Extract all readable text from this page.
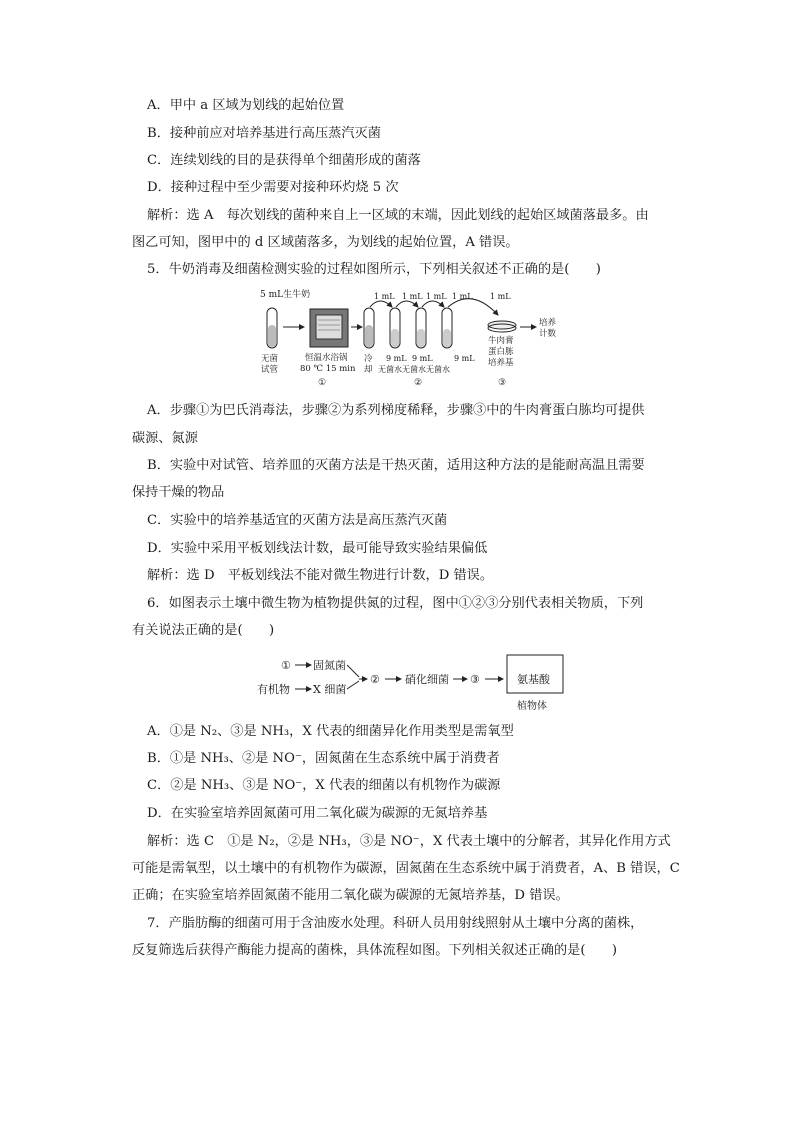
A．甲中 a 区域为划线的起始位置
B．接种前应对培养基进行高压蒸汽灭菌
C．连续划线的目的是获得单个细菌形成的菌落
D．接种过程中至少需要对接种环灼烧 5 次
解析：选 A　每次划线的菌种来自上一区域的末端，因此划线的起始区域菌落最多。由
图乙可知，图甲中的 d 区域菌落多，为划线的起始位置，A 错误。
5．牛奶消毒及细菌检测实验的过程如图所示，下列相关叙述不正确的是(　　)
5 mL生牛奶
无菌
试管
恒温水浴锅
80 ℃ 15 min
①
冷
却
1 mL 1 mL 1 mL 1 mL 1 mL
9 mL 9 mL	9 mL
无菌水无菌水无菌水
②
牛肉膏
蛋白胨
培养基
③
培养
计数
A．步骤①为巴氏消毒法，步骤②为系列梯度稀释，步骤③中的牛肉膏蛋白胨均可提供
碳源、氮源
B．实验中对试管、培养皿的灭菌方法是干热灭菌，适用这种方法的是能耐高温且需要
保持干燥的物品
C．实验中的培养基适宜的灭菌方法是高压蒸汽灭菌
D．实验中采用平板划线法计数，最可能导致实验结果偏低
解析：选 D　平板划线法不能对微生物进行计数，D 错误。
6．如图表示土壤中微生物为植物提供氮的过程，图中①②③分别代表相关物质，下列
有关说法正确的是(　　)
① 固氮菌
有机物 X 细菌
② 硝化细菌 ③	氨基酸
植物体
A．①是 N₂、③是 NH₃，X 代表的细菌异化作用类型是需氧型
B．①是 NH₃、②是 NO⁻，固氮菌在生态系统中属于消费者
C．②是 NH₃、③是 NO⁻，X 代表的细菌以有机物作为碳源
D．在实验室培养固氮菌可用二氧化碳为碳源的无氮培养基
解析：选 C　①是 N₂，②是 NH₃，③是 NO⁻，X 代表土壤中的分解者，其异化作用方式
可能是需氧型，以土壤中的有机物作为碳源，固氮菌在生态系统中属于消费者，A、B 错误，C
正确；在实验室培养固氮菌不能用二氧化碳为碳源的无氮培养基，D 错误。
7．产脂肪酶的细菌可用于含油废水处理。科研人员用射线照射从土壤中分离的菌株，
反复筛选后获得产酶能力提高的菌株，具体流程如图。下列相关叙述正确的是(　　)
